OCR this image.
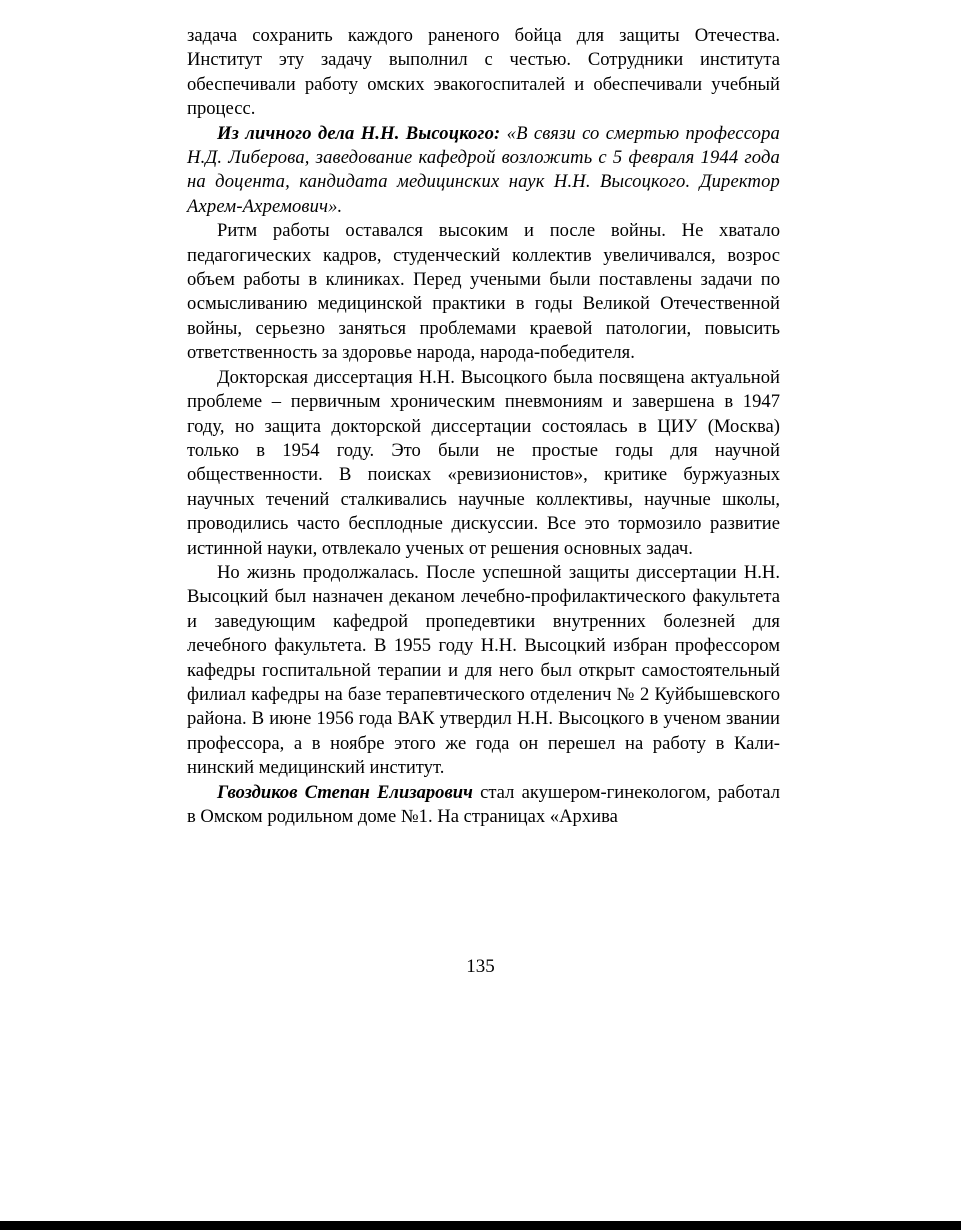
задача сохранить каждого раненого бойца для защиты Отечества. Институт эту задачу выполнил с честью. Сотрудники института обеспечивали работу омских эвакогоспиталей и обеспечивали учебный процесс.

Из личного дела Н.Н. Высоцкого: «В связи со смертью профессора Н.Д. Либерова, заведование кафедрой возложить с 5 февраля 1944 года на доцента, кандидата медицинских наук Н.Н. Высоцкого. Директор Ахрем-Ахремович».

Ритм работы оставался высоким и после войны. Не хватало педагогических кадров, студенческий коллектив увеличивался, возрос объем работы в клиниках. Перед учеными были поставлены задачи по осмысливанию медицинской практики в годы Великой Отечественной войны, серьезно заняться проблемами краевой патологии, повысить ответственность за здоровье народа, народа-победителя.

Докторская диссертация Н.Н. Высоцкого была посвящена актуальной проблеме – первичным хроническим пневмониям и завершена в 1947 году, но защита докторской диссертации состоялась в ЦИУ (Москва) только в 1954 году. Это были не простые годы для научной общественности. В поисках «ревизионистов», критике буржуазных научных течений сталкивались научные коллективы, научные школы, проводились часто бесплодные дискуссии. Все это тормозило развитие истинной науки, отвлекало ученых от решения основных задач.

Но жизнь продолжалась. После успешной защиты диссертации Н.Н. Высоцкий был назначен деканом лечебно-профилактического факультета и заведующим кафедрой пропедевтики внутренних болезней для лечебного факультета. В 1955 году Н.Н. Высоцкий избран профессором кафедры госпитальной терапии и для него был открыт самостоятельный филиал кафедры на базе терапевтического отделенич № 2 Куйбышевского района. В июне 1956 года ВАК утвердил Н.Н. Высоцкого в ученом звании профессора, а в ноябре этого же года он перешел на работу в Калининский медицинский институт.

Гвоздиков Степан Елизарович стал акушером-гинекологом, работал в Омском родильном доме №1. На страницах «Архива

135
